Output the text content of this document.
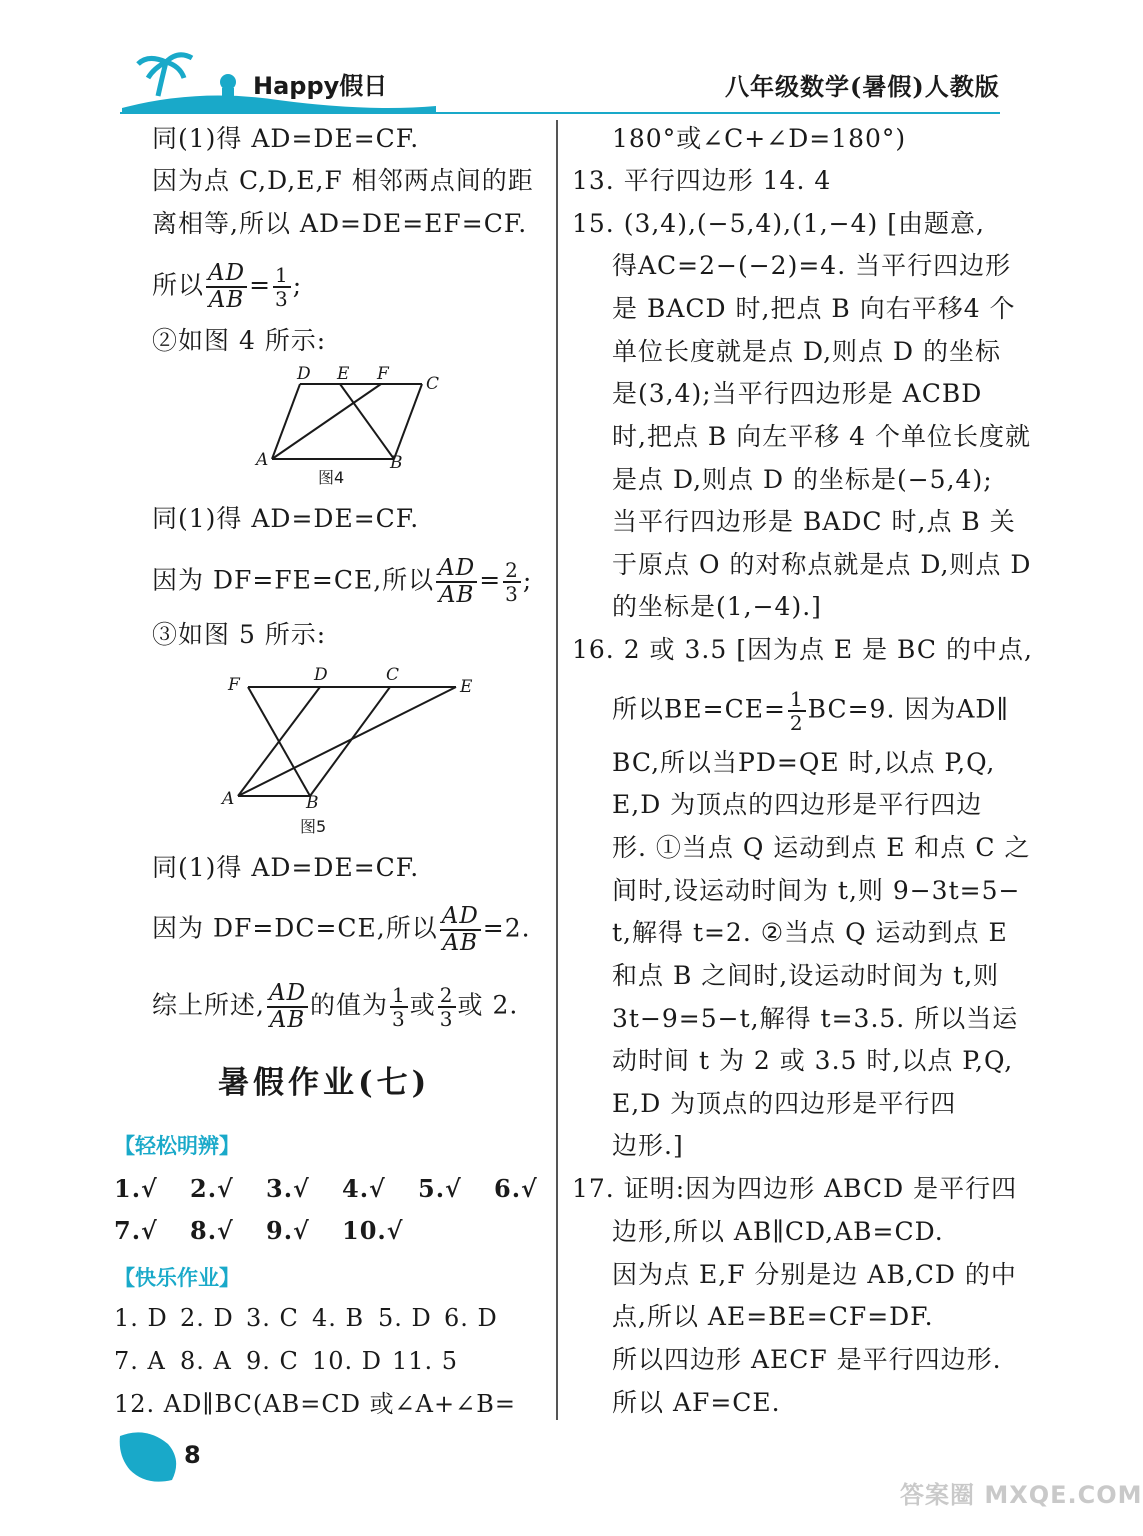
Happy假日	八年级数学(暑假)人教版
同(1)得 AD=DE=CF.
因为点 C,D,E,F 相邻两点间的距
离相等,所以 AD=DE=EF=CF.
所以 $\frac{AD}{AB} = \frac{1}{3}$ ;
②如图 4 所示:
D E F C
A	B
图4
同(1)得 AD=DE=CF.
因为 DF=FE=CE,所以 $\frac{AD}{AB} = \frac{2}{3}$ ;
③如图 5 所示:
F	D	C
E
A	B
图5
同(1)得 AD=DE=CF.
因为 DF=DC=CE,所以 $\frac{AD}{AB} =2$.
综上所述, $\frac{AD}{AB}$ 的值为 $\frac{1}{3}$ 或 $\frac{2}{3}$ 或 2.
暑假作业(七)
【轻松明辨】
1.√ 2.√ 3.√ 4.√ 5.√ 6.√
7.√ 8.√ 9.√ 10.√
【快乐作业】
1. D 2. D 3. C 4. B 5. D 6. D
7. A 8. A 9. C 10. D 11. 5
12. AD∥BC(AB=CD 或∠A+∠B=
180°或∠C+∠D=180°)
13. 平行四边形 14. 4
15. (3,4),(−5,4),(1,−4) [由题意,
得AC=2−(−2)=4. 当平行四边形
是 BACD 时,把点 B 向右平移4 个
单位长度就是点 D,则点 D 的坐标
是(3,4);当平行四边形是 ACBD
时,把点 B 向左平移 4 个单位长度就
是点 D,则点 D 的坐标是(−5,4);
当平行四边形是 BADC 时,点 B 关
于原点 O 的对称点就是点 D,则点 D
的坐标是(1,−4).]
16. 2 或 3.5 [因为点 E 是 BC 的中点,
所以$BE=CE= \frac{1}{2} BC=9$. 因为AD∥
BC,所以当PD=QE 时,以点 P,Q,
E,D 为顶点的四边形是平行四边
形. ①当点 Q 运动到点 E 和点 C 之
间时,设运动时间为 t,则 9−3t=5−
t,解得 t=2. ②当点 Q 运动到点 E
和点 B 之间时,设运动时间为 t,则
3t−9=5−t,解得 t=3.5. 所以当运
动时间 t 为 2 或 3.5 时,以点 P,Q,
E,D 为顶点的四边形是平行四
边形.]
17. 证明:因为四边形 ABCD 是平行四
边形,所以 AB∥CD,AB=CD.
因为点 E,F 分别是边 AB,CD 的中
点,所以 AE=BE=CF=DF.
所以四边形 AECF 是平行四边形.
所以 AF=CE.
8
答案圈 MXQE.COM
